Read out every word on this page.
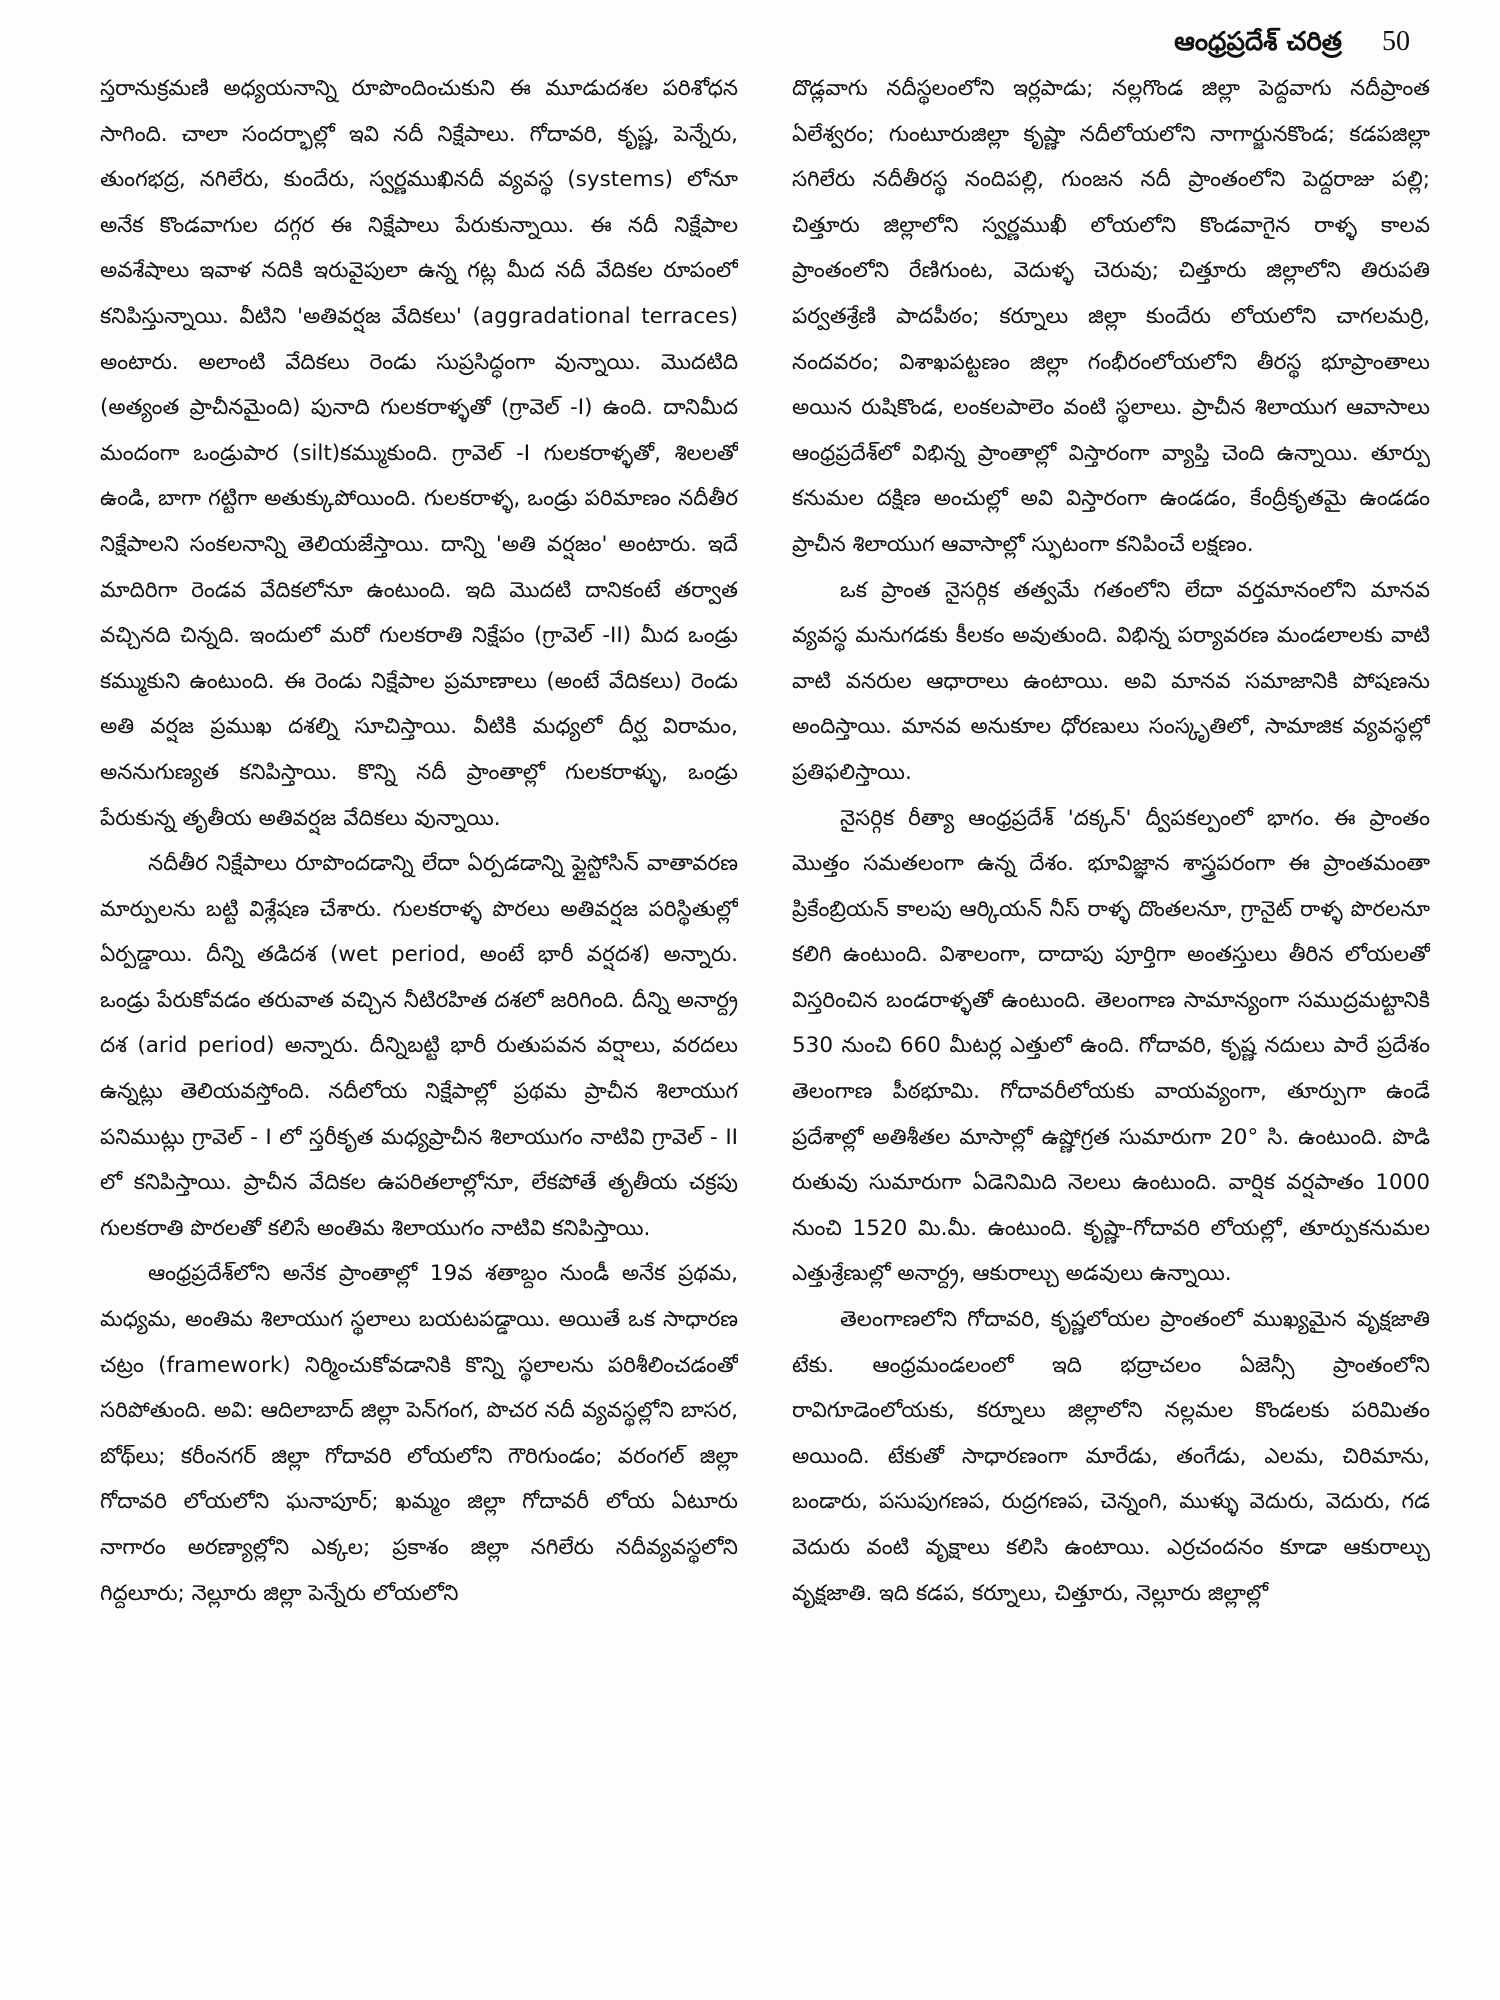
ఆంధ్రప్రదేశ్ చరిత్ర 50

స్తరానుక్రమణి అధ్యయనాన్ని రూపొందించుకుని ఈ మూడుదశల పరిశోధన సాగింది. చాలా సందర్భాల్లో ఇవి నదీ నిక్షేపాలు. గోదావరి, కృష్ణ, పెన్నేరు, తుంగభద్ర, నగిలేరు, కుందేరు, స్వర్ణముఖినదీ వ్యవస్థ (systems) లోనూ అనేక కొండవాగుల దగ్గర ఈ నిక్షేపాలు పేరుకున్నాయి. ఈ నదీ నిక్షేపాల అవశేషాలు ఇవాళ నదికి ఇరువైపులా ఉన్న గట్ల మీద నదీ వేదికల రూపంలో కనిపిస్తున్నాయి. వీటిని 'అతివర్షజ వేదికలు' (aggradational terraces) అంటారు. అలాంటి వేదికలు రెండు సుప్రసిద్ధంగా వున్నాయి. మొదటిది (అత్యంత ప్రాచీనమైంది) పునాది గులకరాళ్ళతో (గ్రావెల్ -I) ఉంది. దానిమీద మందంగా ఒండ్రుపార (silt)కమ్ముకుంది. గ్రావెల్ -I గులకరాళ్ళతో, శిలలతో ఉండి, బాగా గట్టిగా అతుక్కుపోయింది. గులకరాళ్ళ, ఒండ్రు పరిమాణం నదీతీర నిక్షేపాలని సంకలనాన్ని తెలియజేస్తాయి. దాన్ని 'అతి వర్షజం' అంటారు. ఇదే మాదిరిగా రెండవ వేదికలోనూ ఉంటుంది. ఇది మొదటి దానికంటే తర్వాత వచ్చినది చిన్నది. ఇందులో మరో గులకరాతి నిక్షేపం (గ్రావెల్ -II) మీద ఒండ్రు కమ్ముకుని ఉంటుంది. ఈ రెండు నిక్షేపాల ప్రమాణాలు (అంటే వేదికలు) రెండు అతి వర్షజ ప్రముఖ దశల్ని సూచిస్తాయి. వీటికి మధ్యలో దీర్ఘ విరామం, అననుగుణ్యత కనిపిస్తాయి. కొన్ని నదీ ప్రాంతాల్లో గులకరాళ్ళు, ఒండ్రు పేరుకున్న తృతీయ అతివర్షజ వేదికలు వున్నాయి.

నదీతీర నిక్షేపాలు రూపొందడాన్ని లేదా ఏర్పడడాన్ని ప్లైస్టోసిన్ వాతావరణ మార్పులను బట్టి విశ్లేషణ చేశారు. గులకరాళ్ళ పొరలు అతివర్షజ పరిస్థితుల్లో ఏర్పడ్డాయి. దీన్ని తడిదశ (wet period, అంటే భారీ వర్షదశ) అన్నారు. ఒండ్రు పేరుకోవడం తరువాత వచ్చిన నీటిరహిత దశలో జరిగింది. దీన్ని అనార్ద్ర దశ (arid period) అన్నారు. దీన్నిబట్టి భారీ రుతుపవన వర్షాలు, వరదలు ఉన్నట్లు తెలియవస్తోంది. నదీలోయ నిక్షేపాల్లో ప్రథమ ప్రాచీన శిలాయుగ పనిముట్లు గ్రావెల్ - I లో స్తరీకృత మధ్యప్రాచీన శిలాయుగం నాటివి గ్రావెల్ - II లో కనిపిస్తాయి. ప్రాచీన వేదికల ఉపరితలాల్లోనూ, లేకపోతే తృతీయ చక్రపు గులకరాతి పొరలతో కలిసే అంతిమ శిలాయుగం నాటివి కనిపిస్తాయి.

ఆంధ్రప్రదేశ్‌లోని అనేక ప్రాంతాల్లో 19వ శతాబ్దం నుండీ అనేక ప్రథమ, మధ్యమ, అంతిమ శిలాయుగ స్థలాలు బయటపడ్డాయి. అయితే ఒక సాధారణ చట్రం (framework) నిర్మించుకోవడానికి కొన్ని స్థలాలను పరిశీలించడంతో సరిపోతుంది. అవి: ఆదిలాబాద్ జిల్లా పెన్‌గంగ, పొచర నదీ వ్యవస్థల్లోని బాసర, బోథ్‌లు; కరీంనగర్ జిల్లా గోదావరి లోయలోని గౌరిగుండం; వరంగల్ జిల్లా గోదావరి లోయలోని ఘనాపూర్; ఖమ్మం జిల్లా గోదావరీ లోయ ఏటూరు నాగారం అరణ్యాల్లోని ఎక్కల; ప్రకాశం జిల్లా నగిలేరు నదీవ్యవస్థలోని గిద్దలూరు; నెల్లూరు జిల్లా పెన్నేరు లోయలోని

దొడ్లవాగు నదీస్థలంలోని ఇర్లపాడు; నల్లగొండ జిల్లా పెద్దవాగు నదీప్రాంత ఏలేశ్వరం; గుంటూరుజిల్లా కృష్ణా నదీలోయలోని నాగార్జునకొండ; కడపజిల్లా సగిలేరు నదీతీరస్థ నందిపల్లి, గుంజన నదీ ప్రాంతంలోని పెద్దరాజు పల్లి; చిత్తూరు జిల్లాలోని స్వర్ణముఖీ లోయలోని కొండవాగైన రాళ్ళ కాలవ ప్రాంతంలోని రేణిగుంట, వెదుళ్ళ చెరువు; చిత్తూరు జిల్లాలోని తిరుపతి పర్వతశ్రేణి పాదపీఠం; కర్నూలు జిల్లా కుందేరు లోయలోని చాగలమర్రి, నందవరం; విశాఖపట్టణం జిల్లా గంభీరంలోయలోని తీరస్థ భూప్రాంతాలు అయిన రుషికొండ, లంకలపాలెం వంటి స్థలాలు. ప్రాచీన శిలాయుగ ఆవాసాలు ఆంధ్రప్రదేశ్‌లో విభిన్న ప్రాంతాల్లో విస్తారంగా వ్యాప్తి చెంది ఉన్నాయి. తూర్పు కనుమల దక్షిణ అంచుల్లో అవి విస్తారంగా ఉండడం, కేంద్రీకృతమై ఉండడం ప్రాచీన శిలాయుగ ఆవాసాల్లో స్ఫుటంగా కనిపించే లక్షణం.

ఒక ప్రాంత నైసర్గిక తత్వమే గతంలోని లేదా వర్తమానంలోని మానవ వ్యవస్థ మనుగడకు కీలకం అవుతుంది. విభిన్న పర్యావరణ మండలాలకు వాటి వాటి వనరుల ఆధారాలు ఉంటాయి. అవి మానవ సమాజానికి పోషణను అందిస్తాయి. మానవ అనుకూల ధోరణులు సంస్కృతిలో, సామాజిక వ్యవస్థల్లో ప్రతిఫలిస్తాయి.

నైసర్గిక రీత్యా ఆంధ్రప్రదేశ్ 'దక్కన్' ద్వీపకల్పంలో భాగం. ఈ ప్రాంతం మొత్తం సమతలంగా ఉన్న దేశం. భూవిజ్ఞాన శాస్త్రపరంగా ఈ ప్రాంతమంతా ప్రికేంబ్రియన్ కాలపు ఆర్కియన్ నీస్ రాళ్ళ దొంతలనూ, గ్రానైట్ రాళ్ళ పొరలనూ కలిగి ఉంటుంది. విశాలంగా, దాదాపు పూర్తిగా అంతస్తులు తీరిన లోయలతో విస్తరించిన బండరాళ్ళతో ఉంటుంది. తెలంగాణ సామాన్యంగా సముద్రమట్టానికి 530 నుంచి 660 మీటర్ల ఎత్తులో ఉంది. గోదావరి, కృష్ణ నదులు పారే ప్రదేశం తెలంగాణ పీఠభూమి. గోదావరీలోయకు వాయవ్యంగా, తూర్పుగా ఉండే ప్రదేశాల్లో అతిశీతల మాసాల్లో ఉష్ణోగ్రత సుమారుగా 20° సి. ఉంటుంది. పొడి రుతువు సుమారుగా ఏడెనిమిది నెలలు ఉంటుంది. వార్షిక వర్షపాతం 1000 నుంచి 1520 మి.మీ. ఉంటుంది. కృష్ణా-గోదావరి లోయల్లో, తూర్పుకనుమల ఎత్తుశ్రేణుల్లో అనార్ద్ర, ఆకురాల్చు అడవులు ఉన్నాయి.

తెలంగాణలోని గోదావరి, కృష్ణలోయల ప్రాంతంలో ముఖ్యమైన వృక్షజాతి టేకు. ఆంధ్రమండలంలో ఇది భద్రాచలం ఏజెన్సీ ప్రాంతంలోని రావిగూడెంలోయకు, కర్నూలు జిల్లాలోని నల్లమల కొండలకు పరిమితం అయింది. టేకుతో సాధారణంగా మారేడు, తంగేడు, ఎలమ, చిరిమాను, బండారు, పసుపుగణప, రుద్రగణప, చెన్నంగి, ముళ్ళు వెదురు, వెదురు, గడ వెదురు వంటి వృక్షాలు కలిసి ఉంటాయి. ఎర్రచందనం కూడా ఆకురాల్చు వృక్షజాతి. ఇది కడప, కర్నూలు, చిత్తూరు, నెల్లూరు జిల్లాల్లో
